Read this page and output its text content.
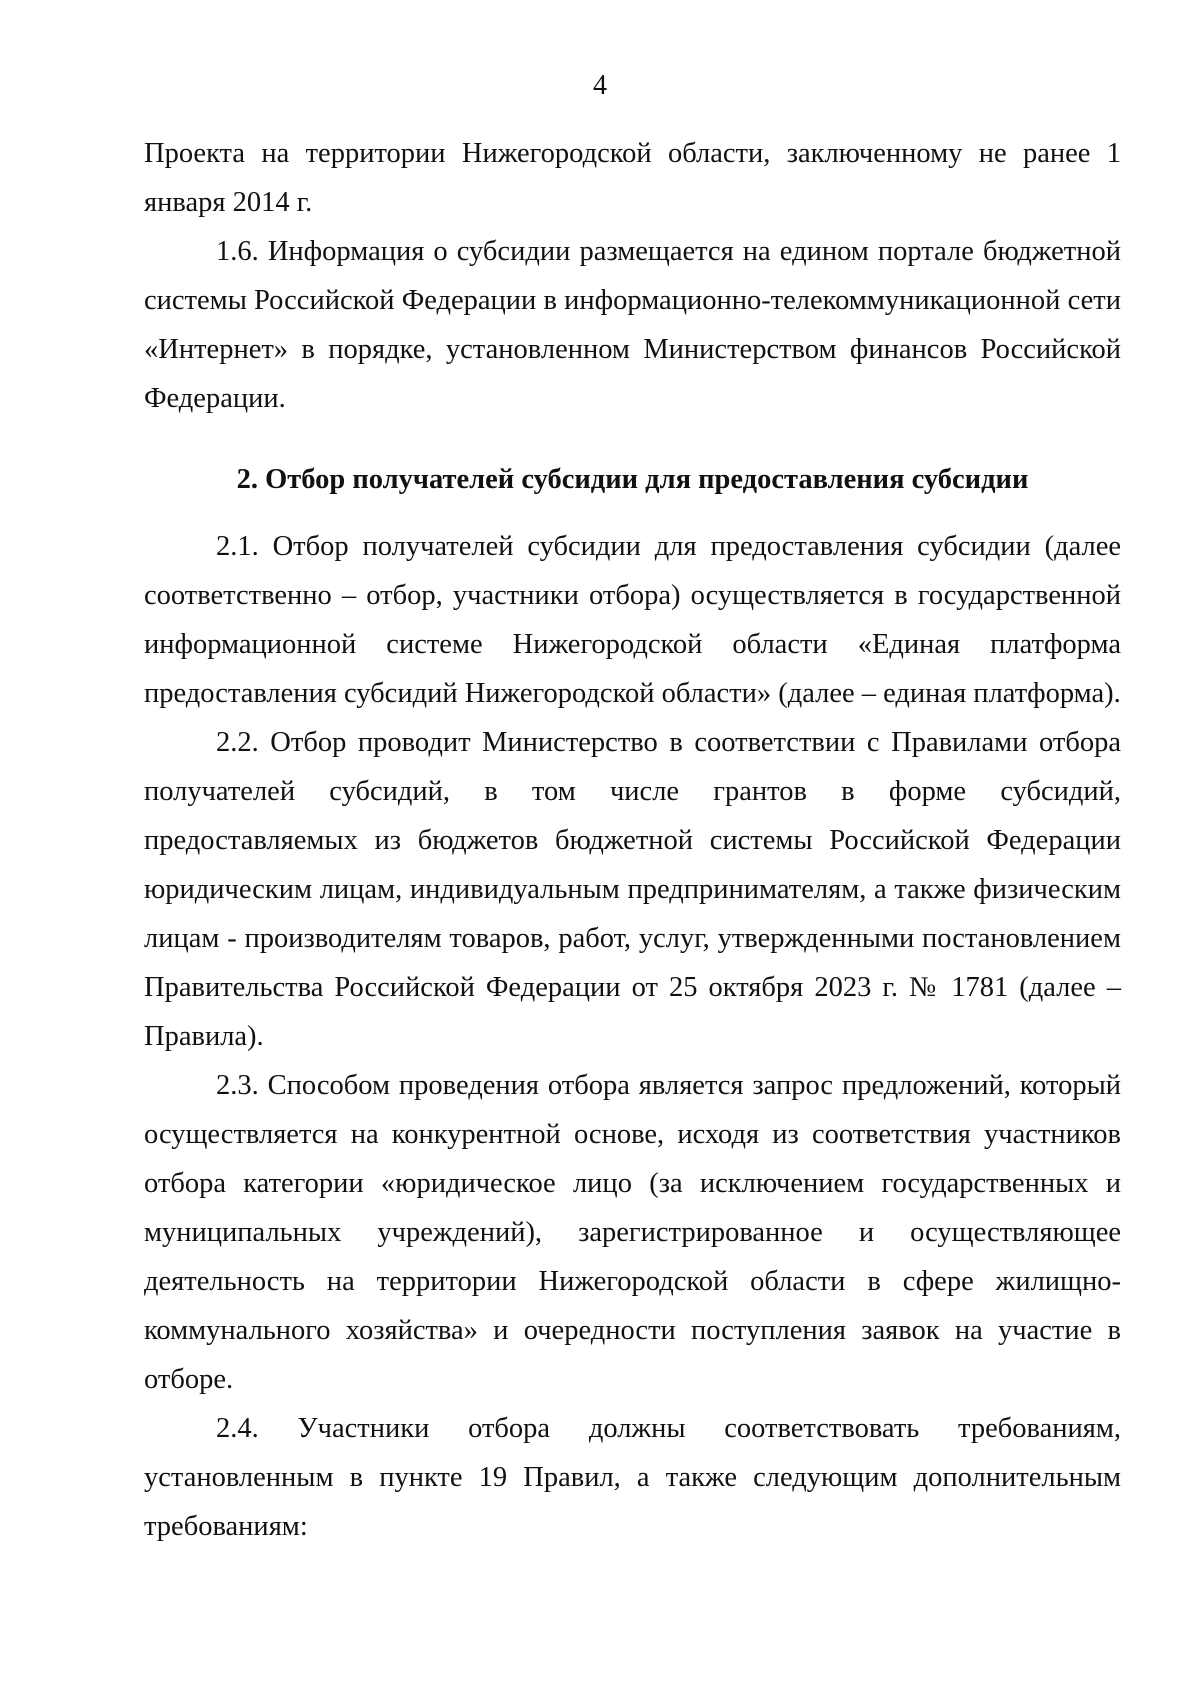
4

Проекта на территории Нижегородской области, заключенному не ранее 1 января 2014 г.

1.6. Информация о субсидии размещается на едином портале бюджетной системы Российской Федерации в информационно-телекоммуникационной сети «Интернет» в порядке, установленном Министерством финансов Российской Федерации.

2. Отбор получателей субсидии для предоставления субсидии

2.1. Отбор получателей субсидии для предоставления субсидии (далее соответственно – отбор, участники отбора) осуществляется в государственной информационной системе Нижегородской области «Единая платформа предоставления субсидий Нижегородской области» (далее – единая платформа).

2.2. Отбор проводит Министерство в соответствии с Правилами отбора получателей субсидий, в том числе грантов в форме субсидий, предоставляемых из бюджетов бюджетной системы Российской Федерации юридическим лицам, индивидуальным предпринимателям, а также физическим лицам - производителям товаров, работ, услуг, утвержденными постановлением Правительства Российской Федерации от 25 октября 2023 г. № 1781 (далее – Правила).

2.3. Способом проведения отбора является запрос предложений, который осуществляется на конкурентной основе, исходя из соответствия участников отбора категории «юридическое лицо (за исключением государственных и муниципальных учреждений), зарегистрированное и осуществляющее деятельность на территории Нижегородской области в сфере жилищно-коммунального хозяйства» и очередности поступления заявок на участие в отборе.

2.4. Участники отбора должны соответствовать требованиям, установленным в пункте 19 Правил, а также следующим дополнительным требованиям:
